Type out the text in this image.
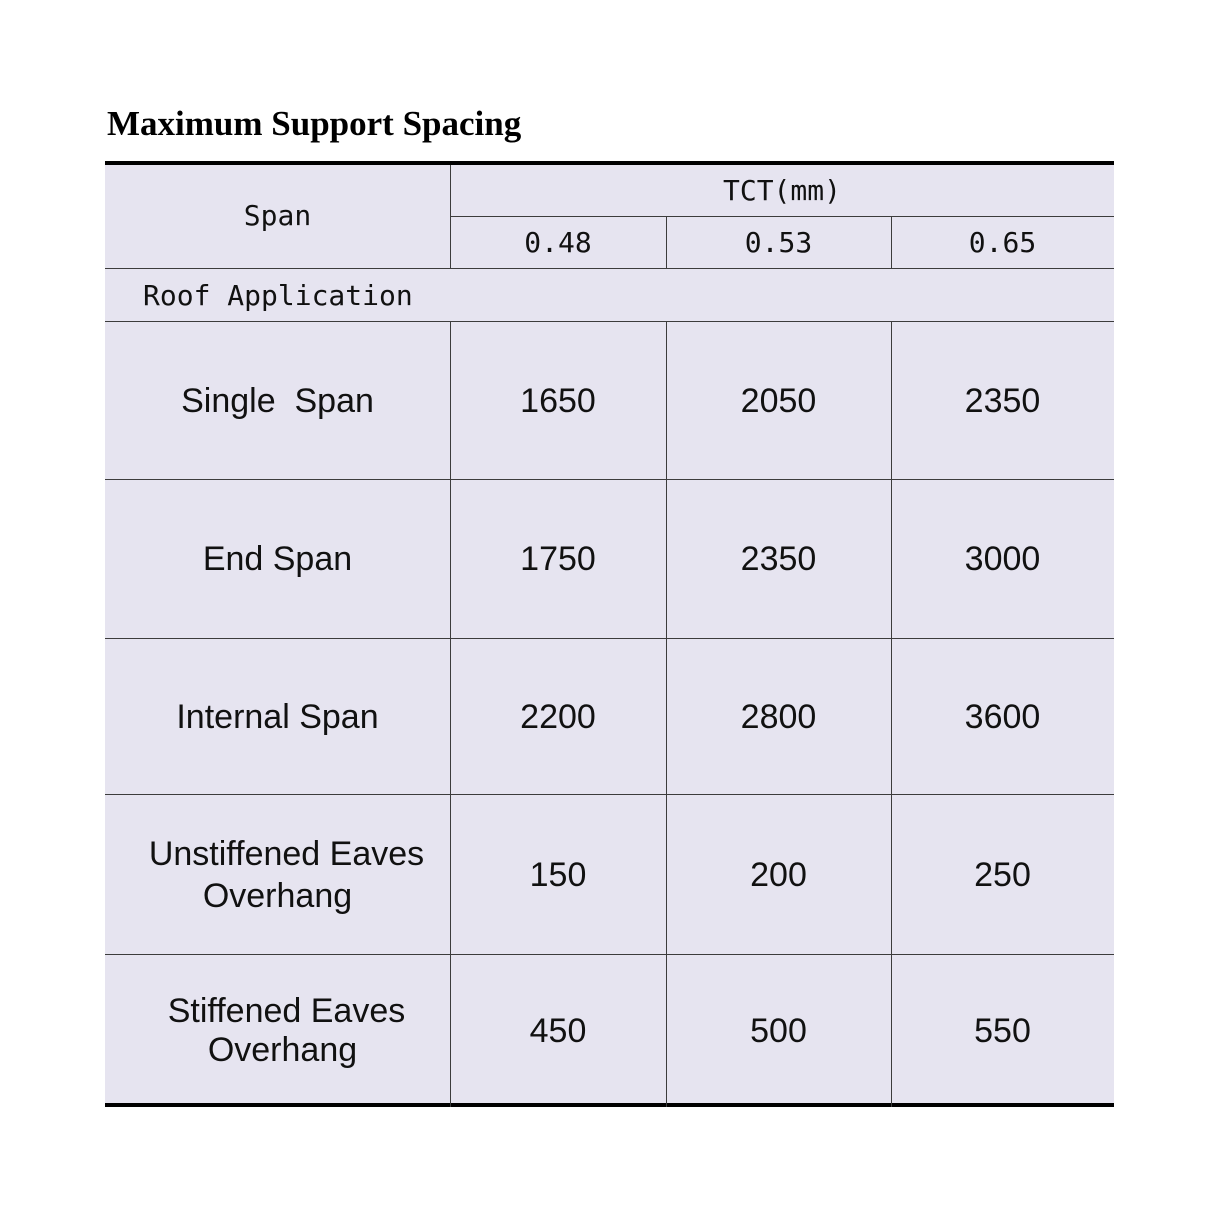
Maximum Support Spacing
Span
TCT(mm)
0.48	0.53	0.65
Roof Application
Single  Span	1650	2050	2350
End Span	1750	2350	3000
Internal Span	2200	2800	3600
Unstiffened Eaves
Overhang
150	200	250
Stiffened Eaves
Overhang	450	500	550
